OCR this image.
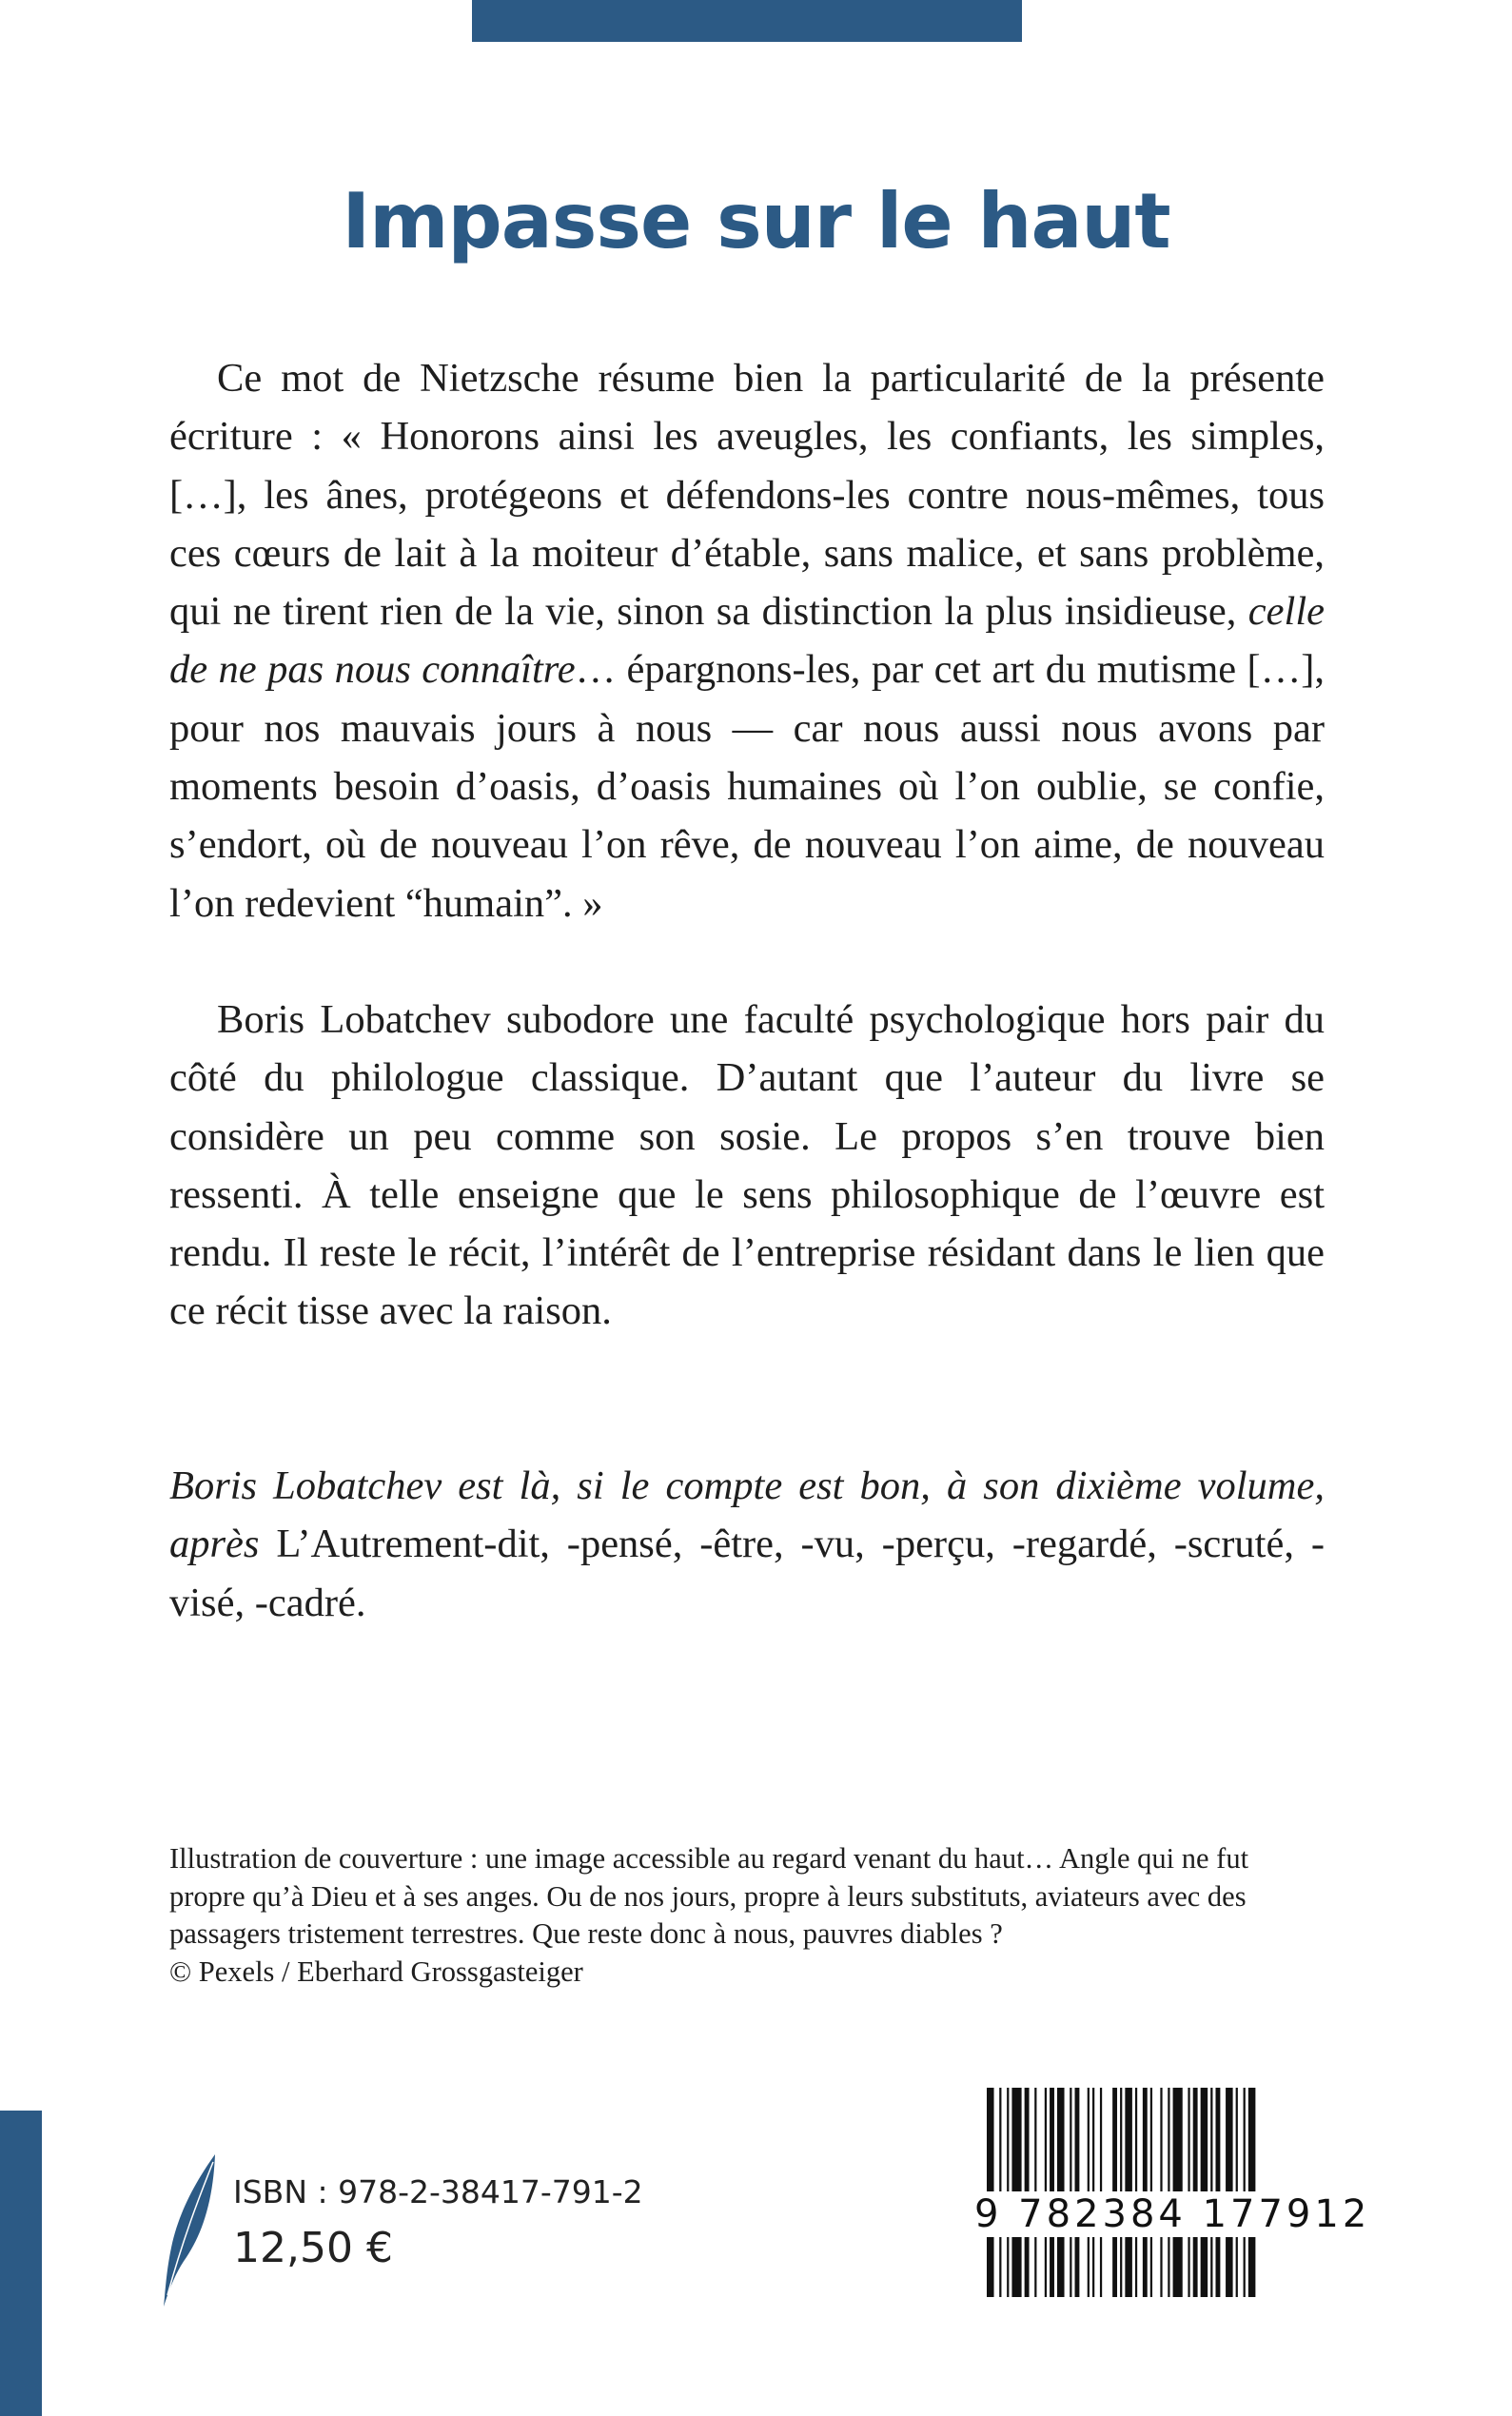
Impasse sur le haut

Ce mot de Nietzsche résume bien la particularité de la présente écriture : « Honorons ainsi les aveugles, les confiants, les simples, […], les ânes, protégeons et défendons-les contre nous-mêmes, tous ces cœurs de lait à la moiteur d’étable, sans malice, et sans problème, qui ne tirent rien de la vie, sinon sa distinction la plus insidieuse, celle de ne pas nous connaître… épargnons-les, par cet art du mutisme […], pour nos mauvais jours à nous — car nous aussi nous avons par moments besoin d’oasis, d’oasis humaines où l’on oublie, se confie, s’endort, où de nouveau l’on rêve, de nouveau l’on aime, de nouveau l’on redevient “humain”. »

Boris Lobatchev subodore une faculté psychologique hors pair du côté du philologue classique. D’autant que l’auteur du livre se considère un peu comme son sosie. Le propos s’en trouve bien ressenti. À telle enseigne que le sens philosophique de l’œuvre est rendu. Il reste le récit, l’intérêt de l’entreprise résidant dans le lien que ce récit tisse avec la raison.

Boris Lobatchev est là, si le compte est bon, à son dixième volume, après L’Autrement-dit, -pensé, -être, -vu, -perçu, -regardé, -scruté, -visé, -cadré.

Illustration de couverture : une image accessible au regard venant du haut… Angle qui ne fut
propre qu’à Dieu et à ses anges. Ou de nos jours, propre à leurs substituts, aviateurs avec des
passagers tristement terrestres. Que reste donc à nous, pauvres diables ?
© Pexels / Eberhard Grossgasteiger
ISBN : 978-2-38417-791-2
12,50 €
9 782384 177912
